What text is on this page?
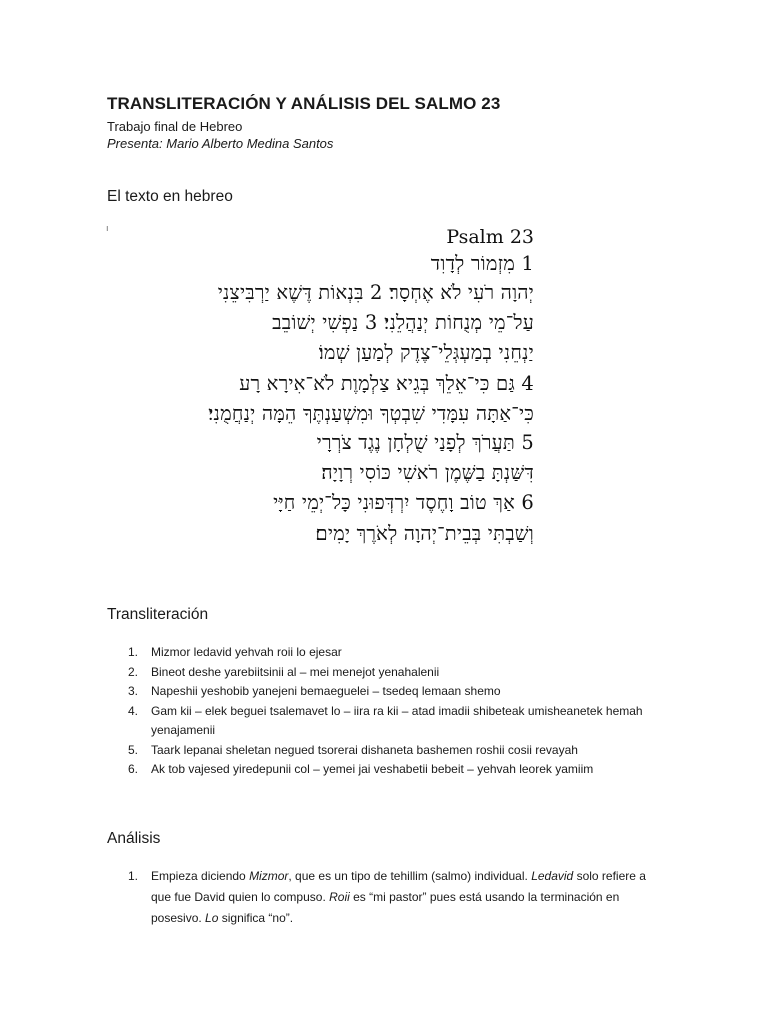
TRANSLITERACIÓN Y ANÁLISIS DEL SALMO 23
Trabajo final de Hebreo
Presenta: Mario Alberto Medina Santos
El texto en hebreo
ı	Psalm 23
1 מִזְמוֹר לְדָוִד
יְהוָה רֹעִי לֹא אֶחְסָר׃ 2 בִּנְאוֹת דֶּשֶׁא יַרְבִּיצֵנִי
עַל־מֵי מְנֻחוֹת יְנַהֲלֵנִי׃ 3 נַפְשִׁי יְשׁוֹבֵב
יַנְחֵנִי בְמַעְגְּלֵי־צֶדֶק לְמַעַן שְׁמוֹ׃
4 גַּם כִּי־אֵלֵךְ בְּגֵיא צַלְמָוֶת לֹא־אִירָא רָע
כִּי־אַתָּה עִמָּדִי שִׁבְטְךָ וּמִשְׁעַנְתֶּךָ הֵמָּה יְנַחֲמֻנִי׃
5 תַּעֲרֹךְ לְפָנַי שֻׁלְחָן נֶגֶד צֹרְרָי
דִּשַּׁנְתָּ בַשֶּׁמֶן רֹאשִׁי כּוֹסִי רְוָיָה׃
6 אַךְ טוֹב וָחֶסֶד יִרְדְּפוּנִי כָּל־יְמֵי חַיָּי
וְשַׁבְתִּי בְּבֵית־יְהוָה לְאֹרֶךְ יָמִים׃
Transliteración
1. Mizmor ledavid yehvah roii lo ejesar
2. Bineot deshe yarebiitsinii al – mei menejot yenahalenii
3. Napeshii yeshobib yanejeni bemaeguelei – tsedeq lemaan shemo
4. Gam kii – elek beguei tsalemavet lo – iira ra kii – atad imadii shibeteak umisheanetek hemah yenajamenii
5. Taark lepanai sheletan negued tsorerai dishaneta bashemen roshii cosii revayah
6. Ak tob vajesed yiredepunii col – yemei jai veshabetii bebeit – yehvah leorek yamiim
Análisis
1. Empieza diciendo Mizmor, que es un tipo de tehillim (salmo) individual. Ledavid solo refiere a que fue David quien lo compuso. Roii es “mi pastor” pues está usando la terminación en posesivo. Lo significa “no”.
